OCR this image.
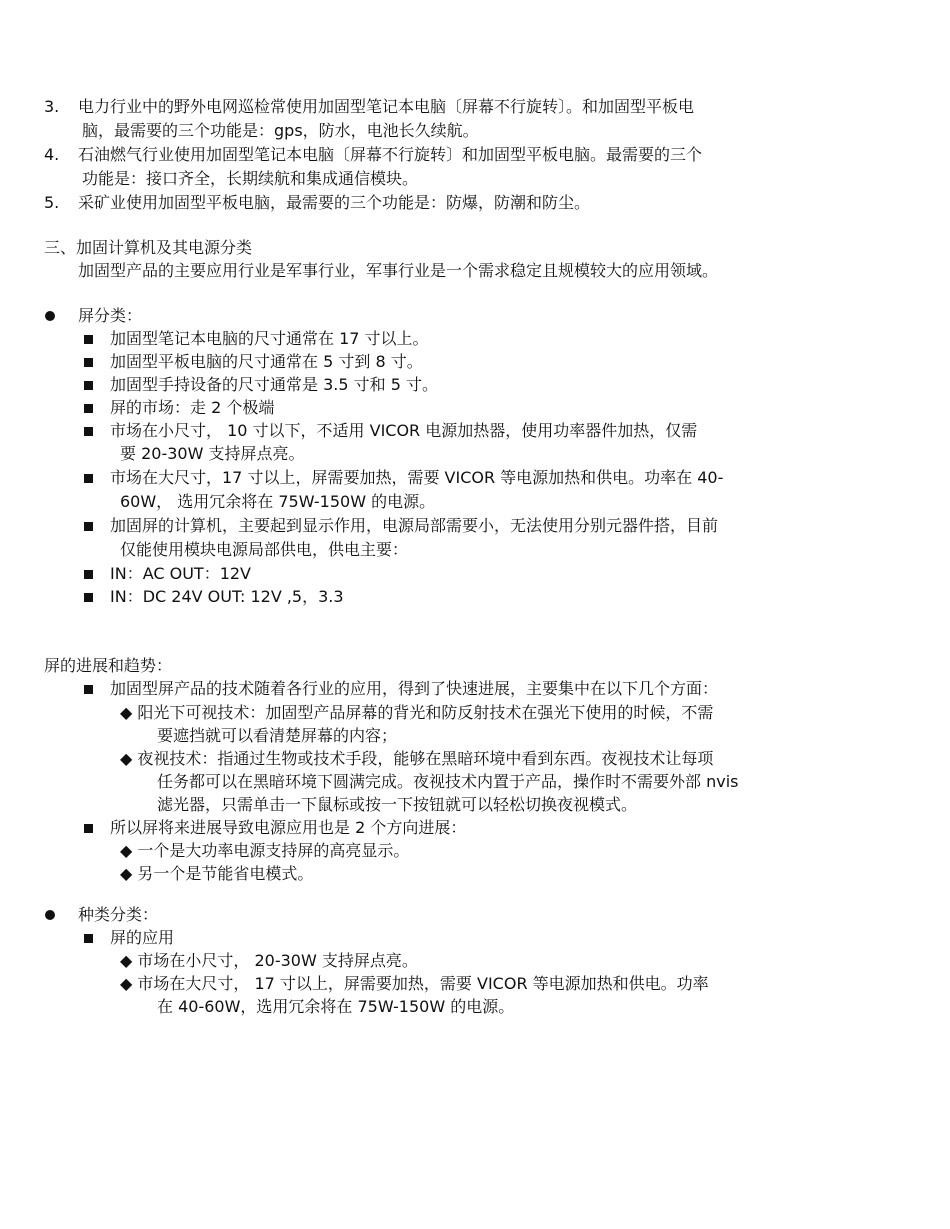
3. 电力行业中的野外电网巡检常使用加固型笔记本电脑〔屏幕不行旋转〕。和加固型平板电
脑，最需要的三个功能是：gps，防水，电池长久续航。
4. 石油燃气行业使用加固型笔记本电脑〔屏幕不行旋转〕和加固型平板电脑。最需要的三个
功能是：接口齐全，长期续航和集成通信模块。
5. 采矿业使用加固型平板电脑，最需要的三个功能是：防爆，防潮和防尘。
三、加固计算机及其电源分类
加固型产品的主要应用行业是军事行业，军事行业是一个需求稳定且规模较大的应用领域。
屏分类：
加固型笔记本电脑的尺寸通常在 17 寸以上。
加固型平板电脑的尺寸通常在 5 寸到 8 寸。
加固型手持设备的尺寸通常是 3.5 寸和 5 寸。
屏的市场：走 2 个极端
市场在小尺寸， 10 寸以下，不适用 VICOR 电源加热器，使用功率器件加热，仅需
要 20-30W 支持屏点亮。
市场在大尺寸，17 寸以上，屏需要加热，需要 VICOR 等电源加热和供电。功率在 40-
60W， 选用冗余将在 75W-150W 的电源。
加固屏的计算机，主要起到显示作用，电源局部需要小，无法使用分别元器件搭，目前
仅能使用模块电源局部供电，供电主要：
IN：AC OUT：12V
IN：DC 24V OUT: 12V ,5，3.3
屏的进展和趋势：
加固型屏产品的技术随着各行业的应用，得到了快速进展，主要集中在以下几个方面：
◆ 阳光下可视技术：加固型产品屏幕的背光和防反射技术在强光下使用的时候，不需
要遮挡就可以看清楚屏幕的内容；
◆ 夜视技术：指通过生物或技术手段，能够在黑暗环境中看到东西。夜视技术让每项
任务都可以在黑暗环境下圆满完成。夜视技术内置于产品，操作时不需要外部 nvis
滤光器，只需单击一下鼠标或按一下按钮就可以轻松切换夜视模式。
所以屏将来进展导致电源应用也是 2 个方向进展：
◆ 一个是大功率电源支持屏的高亮显示。
◆ 另一个是节能省电模式。
种类分类：
屏的应用
◆ 市场在小尺寸， 20-30W 支持屏点亮。
◆ 市场在大尺寸， 17 寸以上，屏需要加热，需要 VICOR 等电源加热和供电。功率
在 40-60W，选用冗余将在 75W-150W 的电源。
